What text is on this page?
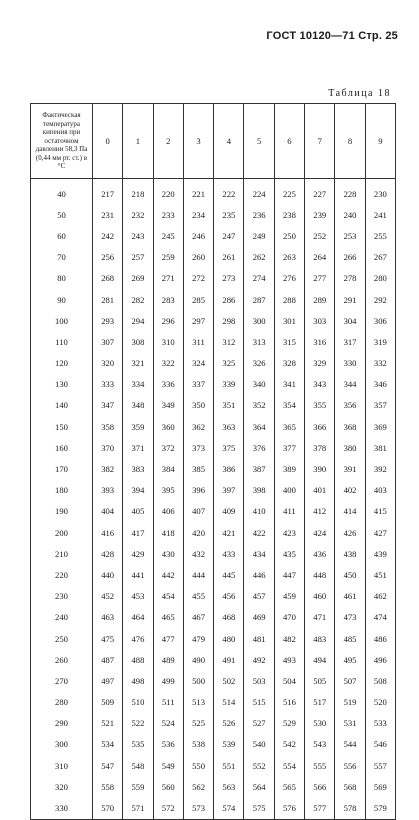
ГОСТ 10120—71 Стр. 25
Таблица 18
Фактическая температура кипения при остаточном давлении 58,3 Па (0,44 мм рт. ст.) в °С	0	1	2	3	4	5	6	7	8	9
40	217	218	220	221	222	224	225	227	228	230
50	231	232	233	234	235	236	238	239	240	241
60	242	243	245	246	247	249	250	252	253	255
70	256	257	259	260	261	262	263	264	266	267
80	268	269	271	272	273	274	276	277	278	280
90	281	282	283	285	286	287	288	289	291	292
100	293	294	296	297	298	300	301	303	304	306
110	307	308	310	311	312	313	315	316	317	319
120	320	321	322	324	325	326	328	329	330	332
130	333	334	336	337	339	340	341	343	344	346
140	347	348	349	350	351	352	354	355	356	357
150	358	359	360	362	363	364	365	366	368	369
160	370	371	372	373	375	376	377	378	380	381
170	382	383	384	385	386	387	389	390	391	392
180	393	394	395	396	397	398	400	401	402	403
190	404	405	406	407	409	410	411	412	414	415
200	416	417	418	420	421	422	423	424	426	427
210	428	429	430	432	433	434	435	436	438	439
220	440	441	442	444	445	446	447	448	450	451
230	452	453	454	455	456	457	459	460	461	462
240	463	464	465	467	468	469	470	471	473	474
250	475	476	477	479	480	481	482	483	485	486
260	487	488	489	490	491	492	493	494	495	496
270	497	498	499	500	502	503	504	505	507	508
280	509	510	511	513	514	515	516	517	519	520
290	521	522	524	525	526	527	529	530	531	533
300	534	535	536	538	539	540	542	543	544	546
310	547	548	549	550	551	552	554	555	556	557
320	558	559	560	562	563	564	565	566	568	569
330	570	571	572	573	574	575	576	577	578	579
